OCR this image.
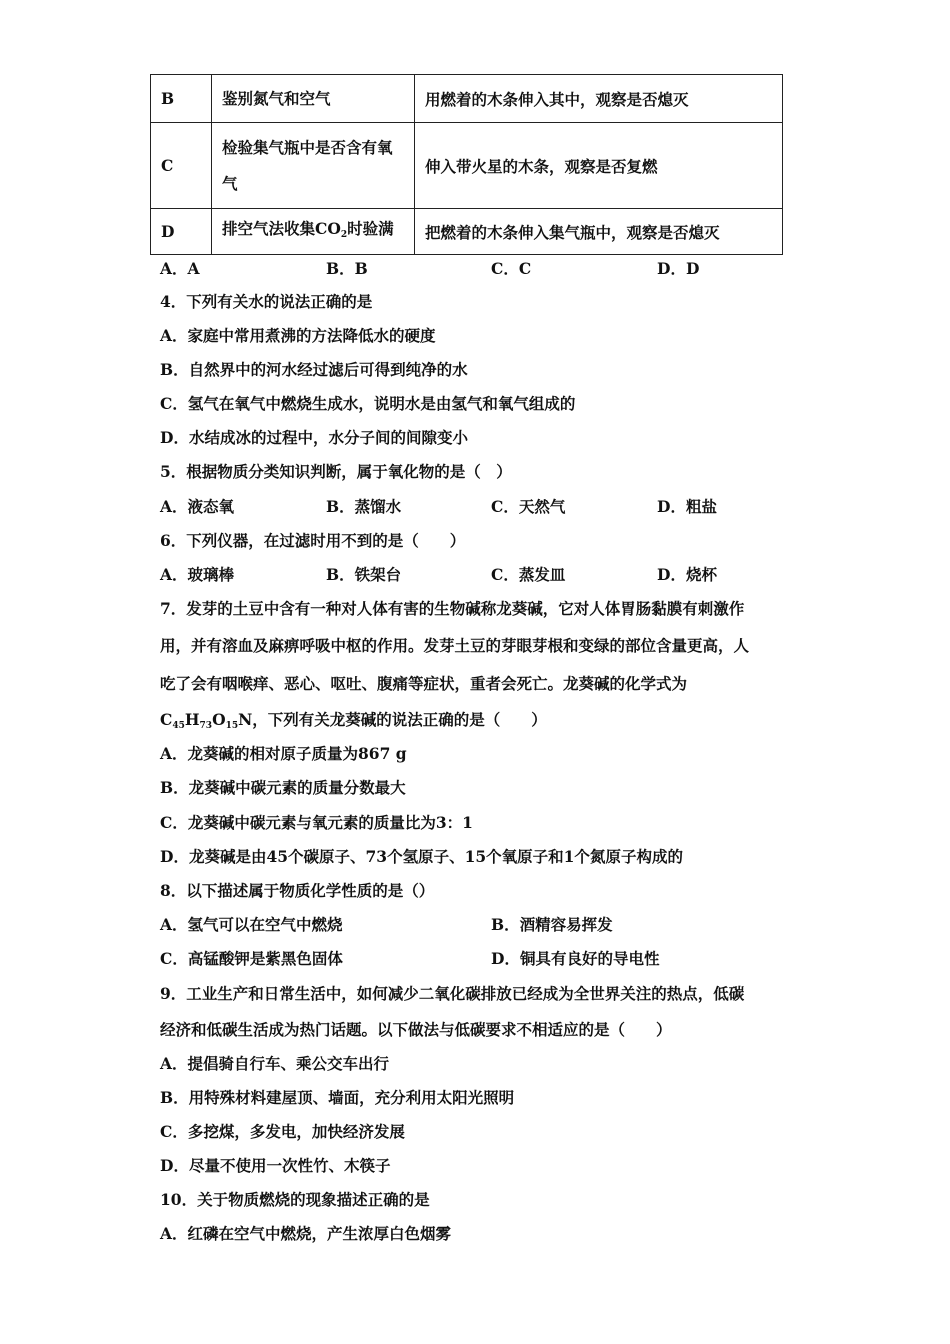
B	鉴别氮气和空气	用燃着的木条伸入其中，观察是否熄灭
C	检验集气瓶中是否含有氧气	伸入带火星的木条，观察是否复燃
D	排空气法收集$CO_2$时验满	把燃着的木条伸入集气瓶中，观察是否熄灭
A．A	B．B	C．C	D．D
4．下列有关水的说法正确的是
A．家庭中常用煮沸的方法降低水的硬度
B．自然界中的河水经过滤后可得到纯净的水
C．氢气在氧气中燃烧生成水，说明水是由氢气和氧气组成的
D．水结成冰的过程中，水分子间的间隙变小
5．根据物质分类知识判断，属于氧化物的是（　）
A．液态氧	B．蒸馏水	C．天然气	D．粗盐
6．下列仪器，在过滤时用不到的是（　　）
A．玻璃棒	B．铁架台	C．蒸发皿	D．烧杯
7．发芽的土豆中含有一种对人体有害的生物碱称龙葵碱，它对人体胃肠黏膜有刺激作
用，并有溶血及麻痹呼吸中枢的作用。发芽土豆的芽眼芽根和变绿的部位含量更高，人
吃了会有咽喉痒、恶心、呕吐、腹痛等症状，重者会死亡。龙葵碱的化学式为
$C_{45}H_{73}O_{15}N$，下列有关龙葵碱的说法正确的是（　　）
A．龙葵碱的相对原子质量为867 g
B．龙葵碱中碳元素的质量分数最大
C．龙葵碱中碳元素与氧元素的质量比为3：1
D．龙葵碱是由45个碳原子、73个氢原子、15个氧原子和1个氮原子构成的
8．以下描述属于物质化学性质的是（）
A．氢气可以在空气中燃烧	B．酒精容易挥发
C．高锰酸钾是紫黑色固体	D．铜具有良好的导电性
9．工业生产和日常生活中，如何减少二氧化碳排放已经成为全世界关注的热点，低碳
经济和低碳生活成为热门话题。以下做法与低碳要求不相适应的是（　　）
A．提倡骑自行车、乘公交车出行
B．用特殊材料建屋顶、墙面，充分利用太阳光照明
C．多挖煤，多发电，加快经济发展
D．尽量不使用一次性竹、木筷子
10．关于物质燃烧的现象描述正确的是
A．红磷在空气中燃烧，产生浓厚白色烟雾
